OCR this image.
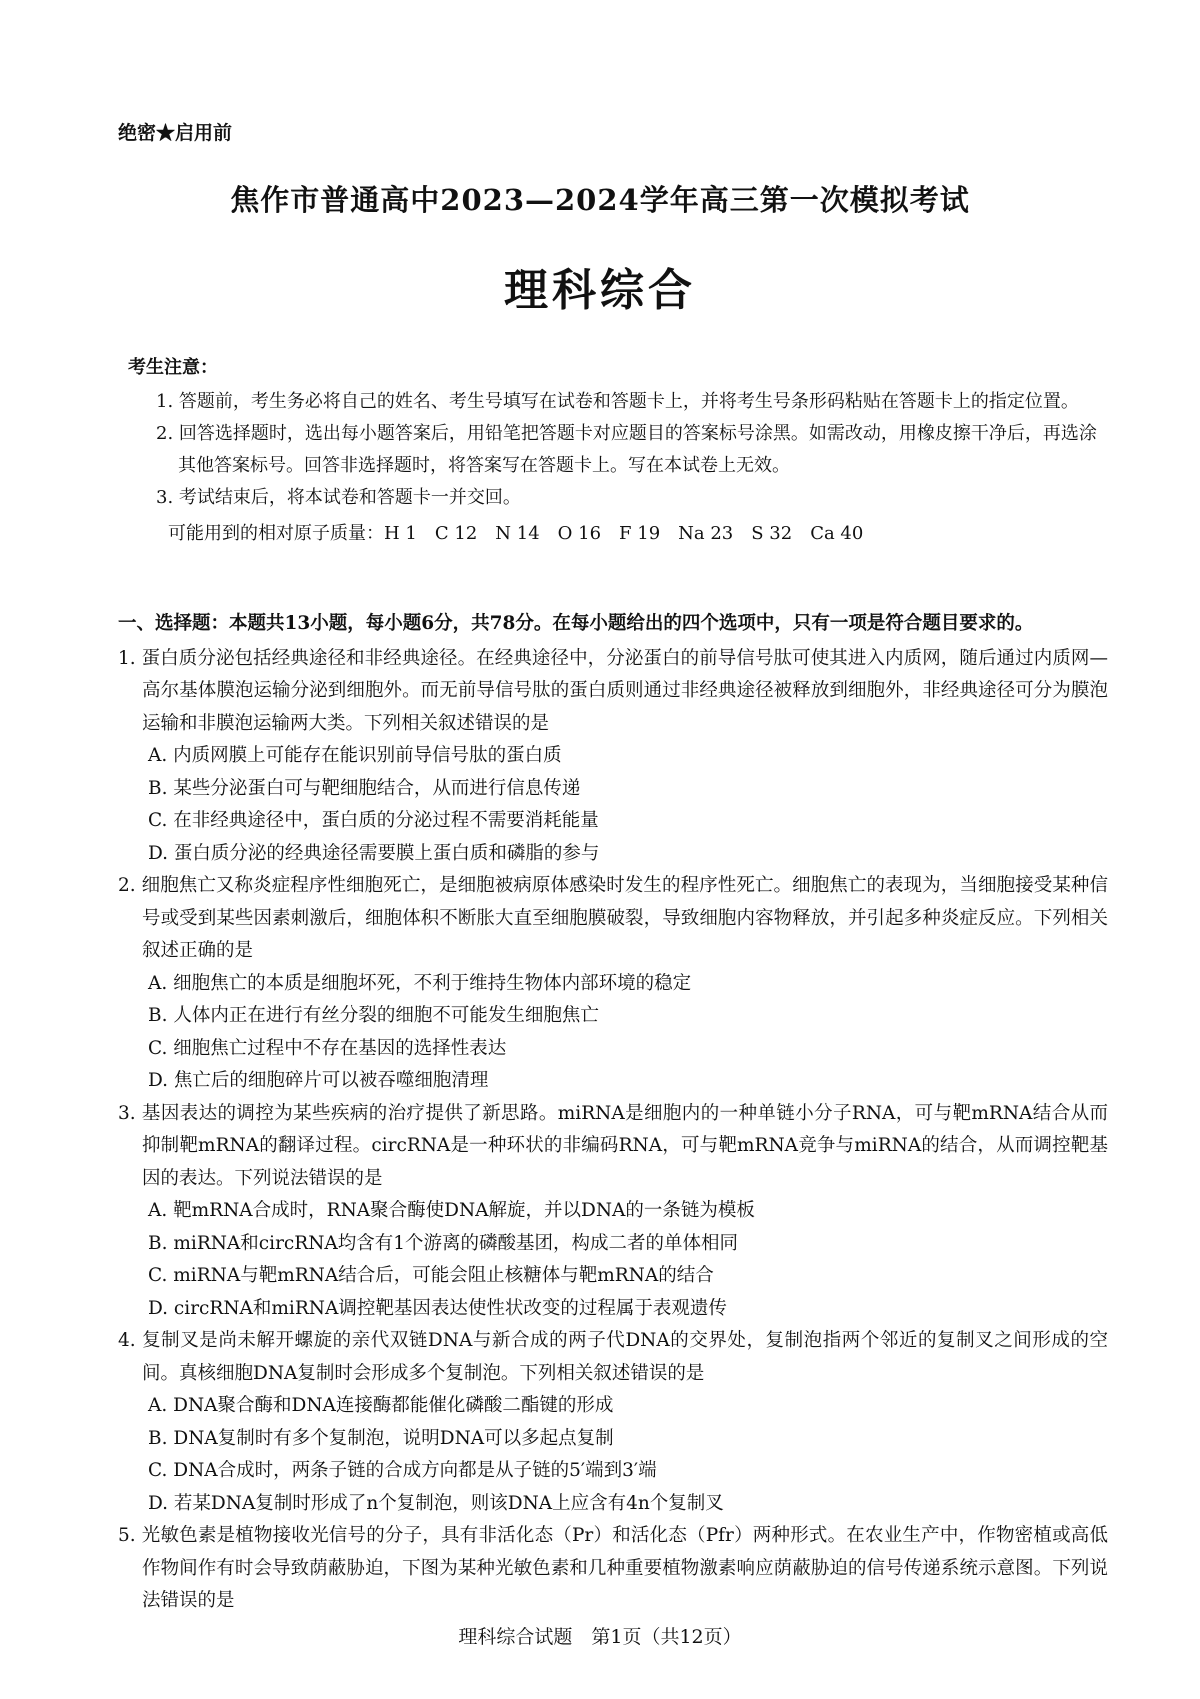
绝密★启用前
焦作市普通高中2023—2024学年高三第一次模拟考试
理科综合
考生注意：
1. 答题前，考生务必将自己的姓名、考生号填写在试卷和答题卡上，并将考生号条形码粘贴在答题卡上的指定位置。
2. 回答选择题时，选出每小题答案后，用铅笔把答题卡对应题目的答案标号涂黑。如需改动，用橡皮擦干净后，再选涂其他答案标号。回答非选择题时，将答案写在答题卡上。写在本试卷上无效。
3. 考试结束后，将本试卷和答题卡一并交回。
可能用到的相对原子质量：H 1　C 12　N 14　O 16　F 19　Na 23　S 32　Ca 40
一、选择题：本题共13小题，每小题6分，共78分。在每小题给出的四个选项中，只有一项是符合题目要求的。
1. 蛋白质分泌包括经典途径和非经典途径。在经典途径中，分泌蛋白的前导信号肽可使其进入内质网，随后通过内质网—高尔基体膜泡运输分泌到细胞外。而无前导信号肽的蛋白质则通过非经典途径被释放到细胞外，非经典途径可分为膜泡运输和非膜泡运输两大类。下列相关叙述错误的是
A. 内质网膜上可能存在能识别前导信号肽的蛋白质
B. 某些分泌蛋白可与靶细胞结合，从而进行信息传递
C. 在非经典途径中，蛋白质的分泌过程不需要消耗能量
D. 蛋白质分泌的经典途径需要膜上蛋白质和磷脂的参与
2. 细胞焦亡又称炎症程序性细胞死亡，是细胞被病原体感染时发生的程序性死亡。细胞焦亡的表现为，当细胞接受某种信号或受到某些因素刺激后，细胞体积不断胀大直至细胞膜破裂，导致细胞内容物释放，并引起多种炎症反应。下列相关叙述正确的是
A. 细胞焦亡的本质是细胞坏死，不利于维持生物体内部环境的稳定
B. 人体内正在进行有丝分裂的细胞不可能发生细胞焦亡
C. 细胞焦亡过程中不存在基因的选择性表达
D. 焦亡后的细胞碎片可以被吞噬细胞清理
3. 基因表达的调控为某些疾病的治疗提供了新思路。miRNA是细胞内的一种单链小分子RNA，可与靶mRNA结合从而抑制靶mRNA的翻译过程。circRNA是一种环状的非编码RNA，可与靶mRNA竞争与miRNA的结合，从而调控靶基因的表达。下列说法错误的是
A. 靶mRNA合成时，RNA聚合酶使DNA解旋，并以DNA的一条链为模板
B. miRNA和circRNA均含有1个游离的磷酸基团，构成二者的单体相同
C. miRNA与靶mRNA结合后，可能会阻止核糖体与靶mRNA的结合
D. circRNA和miRNA调控靶基因表达使性状改变的过程属于表观遗传
4. 复制叉是尚未解开螺旋的亲代双链DNA与新合成的两子代DNA的交界处，复制泡指两个邻近的复制叉之间形成的空间。真核细胞DNA复制时会形成多个复制泡。下列相关叙述错误的是
A. DNA聚合酶和DNA连接酶都能催化磷酸二酯键的形成
B. DNA复制时有多个复制泡，说明DNA可以多起点复制
C. DNA合成时，两条子链的合成方向都是从子链的5′端到3′端
D. 若某DNA复制时形成了n个复制泡，则该DNA上应含有4n个复制叉
5. 光敏色素是植物接收光信号的分子，具有非活化态（Pr）和活化态（Pfr）两种形式。在农业生产中，作物密植或高低作物间作有时会导致荫蔽胁迫，下图为某种光敏色素和几种重要植物激素响应荫蔽胁迫的信号传递系统示意图。下列说法错误的是
理科综合试题　第1页（共12页）
